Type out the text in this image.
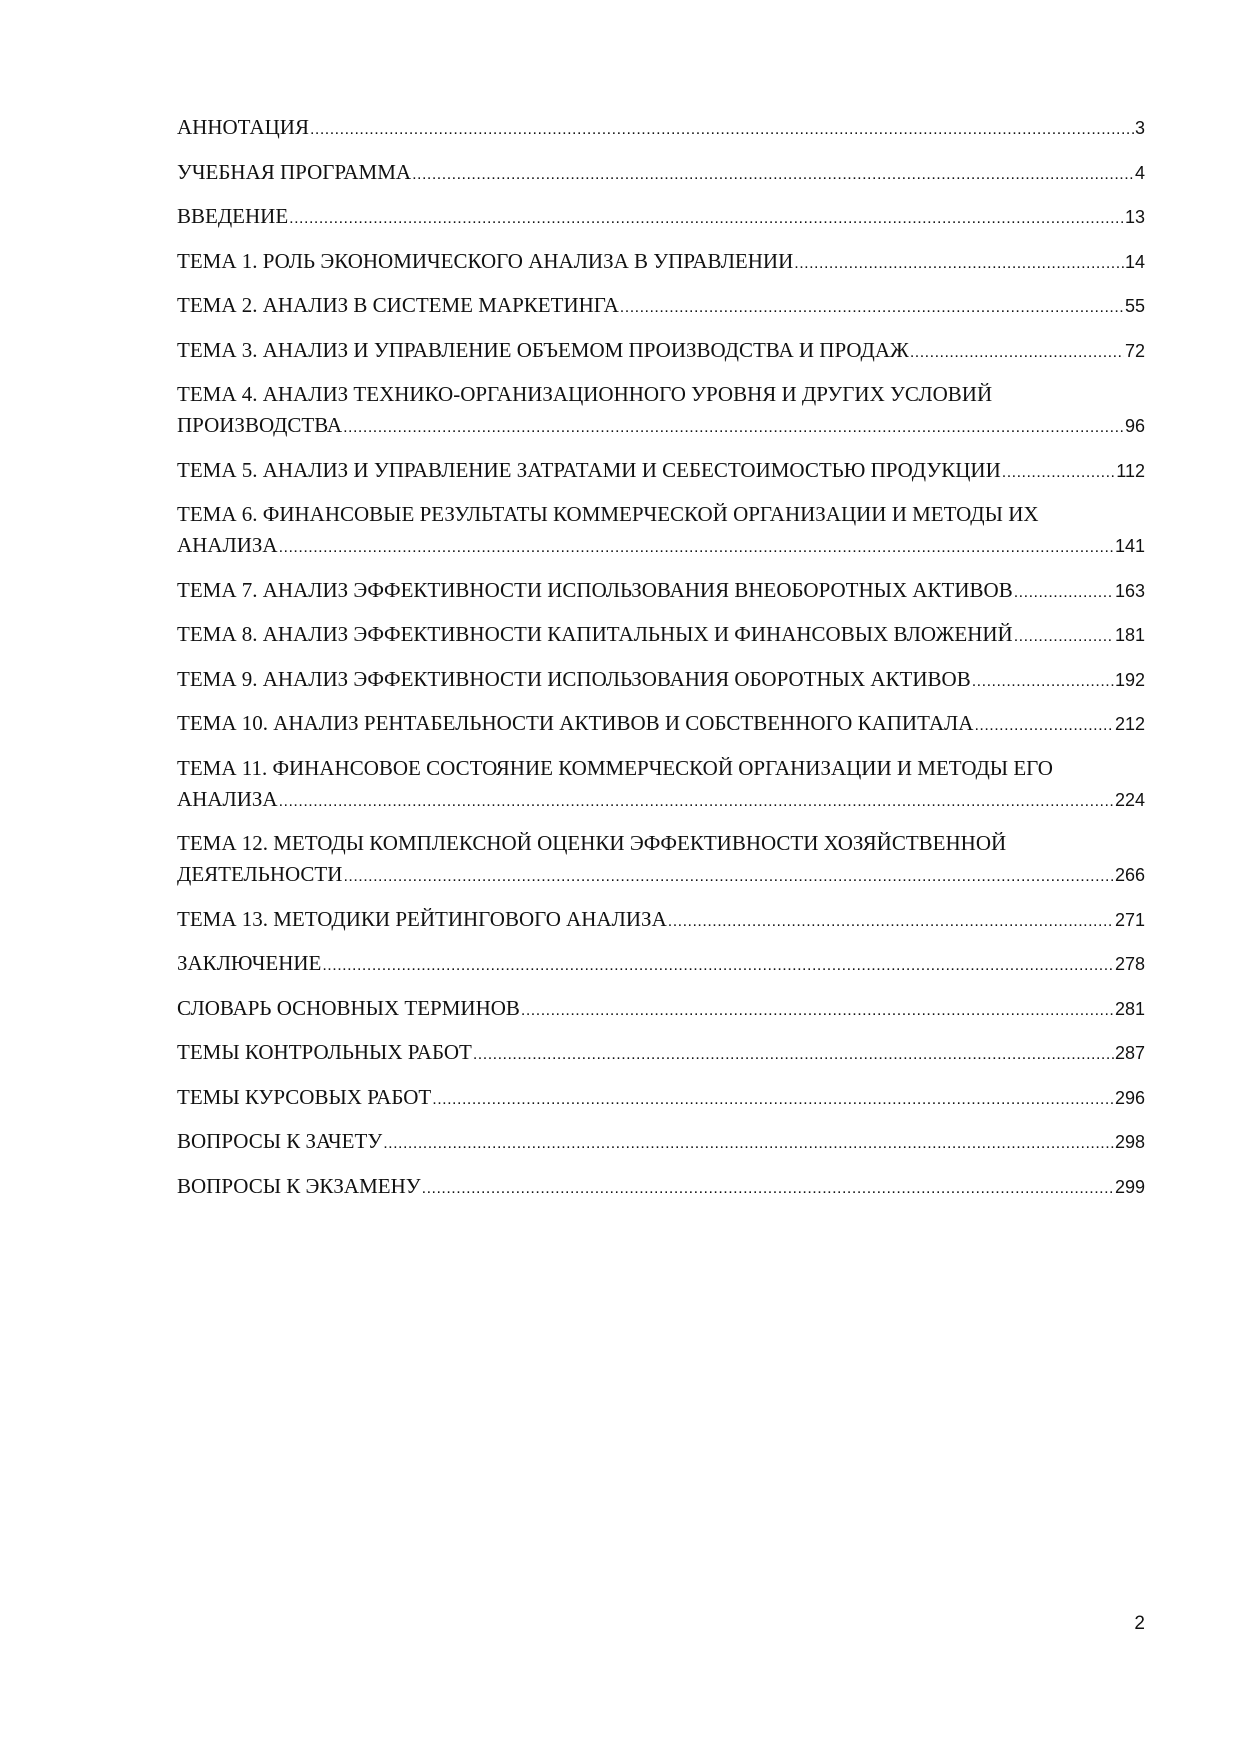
АННОТАЦИЯ .....	3
УЧЕБНАЯ ПРОГРАММА .....	4
ВВЕДЕНИЕ .....	13
ТЕМА 1. РОЛЬ ЭКОНОМИЧЕСКОГО АНАЛИЗА В УПРАВЛЕНИИ .....	14
ТЕМА 2. АНАЛИЗ В СИСТЕМЕ МАРКЕТИНГА .....	55
ТЕМА 3. АНАЛИЗ И УПРАВЛЕНИЕ ОБЪЕМОМ ПРОИЗВОДСТВА И ПРОДАЖ .....	72
ТЕМА 4. АНАЛИЗ ТЕХНИКО-ОРГАНИЗАЦИОННОГО УРОВНЯ И ДРУГИХ УСЛОВИЙ
ПРОИЗВОДСТВА .....	96
ТЕМА 5. АНАЛИЗ И УПРАВЛЕНИЕ ЗАТРАТАМИ И СЕБЕСТОИМОСТЬЮ ПРОДУКЦИИ .....	112
ТЕМА 6. ФИНАНСОВЫЕ РЕЗУЛЬТАТЫ КОММЕРЧЕСКОЙ ОРГАНИЗАЦИИ И МЕТОДЫ ИХ
АНАЛИЗА .....	141
ТЕМА 7. АНАЛИЗ ЭФФЕКТИВНОСТИ ИСПОЛЬЗОВАНИЯ ВНЕОБОРОТНЫХ АКТИВОВ .....	163
ТЕМА 8. АНАЛИЗ ЭФФЕКТИВНОСТИ КАПИТАЛЬНЫХ И ФИНАНСОВЫХ ВЛОЖЕНИЙ .....	181
ТЕМА 9. АНАЛИЗ ЭФФЕКТИВНОСТИ ИСПОЛЬЗОВАНИЯ ОБОРОТНЫХ АКТИВОВ .....	192
ТЕМА 10. АНАЛИЗ РЕНТАБЕЛЬНОСТИ АКТИВОВ И СОБСТВЕННОГО КАПИТАЛА .....	212
ТЕМА 11. ФИНАНСОВОЕ СОСТОЯНИЕ КОММЕРЧЕСКОЙ ОРГАНИЗАЦИИ И МЕТОДЫ ЕГО
АНАЛИЗА .....	224
ТЕМА 12. МЕТОДЫ КОМПЛЕКСНОЙ ОЦЕНКИ ЭФФЕКТИВНОСТИ ХОЗЯЙСТВЕННОЙ
ДЕЯТЕЛЬНОСТИ .....	266
ТЕМА 13. МЕТОДИКИ РЕЙТИНГОВОГО АНАЛИЗА .....	271
ЗАКЛЮЧЕНИЕ .....	278
СЛОВАРЬ ОСНОВНЫХ ТЕРМИНОВ .....	281
ТЕМЫ КОНТРОЛЬНЫХ РАБОТ .....	287
ТЕМЫ КУРСОВЫХ РАБОТ .....	296
ВОПРОСЫ К ЗАЧЕТУ .....	298
ВОПРОСЫ К ЭКЗАМЕНУ .....	299
2
